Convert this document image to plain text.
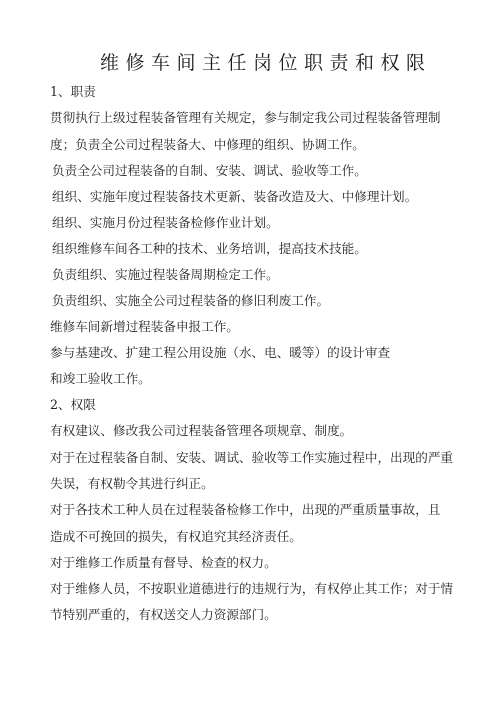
维修车间主任岗位职责和权限
1、职责
贯彻执行上级过程装备管理有关规定，参与制定我公司过程装备管理制
度；负责全公司过程装备大、中修理的组织、协调工作。
负责全公司过程装备的自制、安装、调试、验收等工作。
组织、实施年度过程装备技术更新、装备改造及大、中修理计划。
组织、实施月份过程装备检修作业计划。
组织维修车间各工种的技术、业务培训，提高技术技能。
负责组织、实施过程装备周期检定工作。
负责组织、实施全公司过程装备的修旧利废工作。
维修车间新增过程装备申报工作。
参与基建改、扩建工程公用设施（水、电、暖等）的设计审查
和竣工验收工作。
2、权限
有权建议、修改我公司过程装备管理各项规章、制度。
对于在过程装备自制、安装、调试、验收等工作实施过程中，出现的严重
失误，有权勒令其进行纠正。
对于各技术工种人员在过程装备检修工作中，出现的严重质量事故，且
造成不可挽回的损失，有权追究其经济责任。
对于维修工作质量有督导、检查的权力。
对于维修人员，不按职业道德进行的违规行为，有权停止其工作；对于情
节特别严重的，有权送交人力资源部门。
